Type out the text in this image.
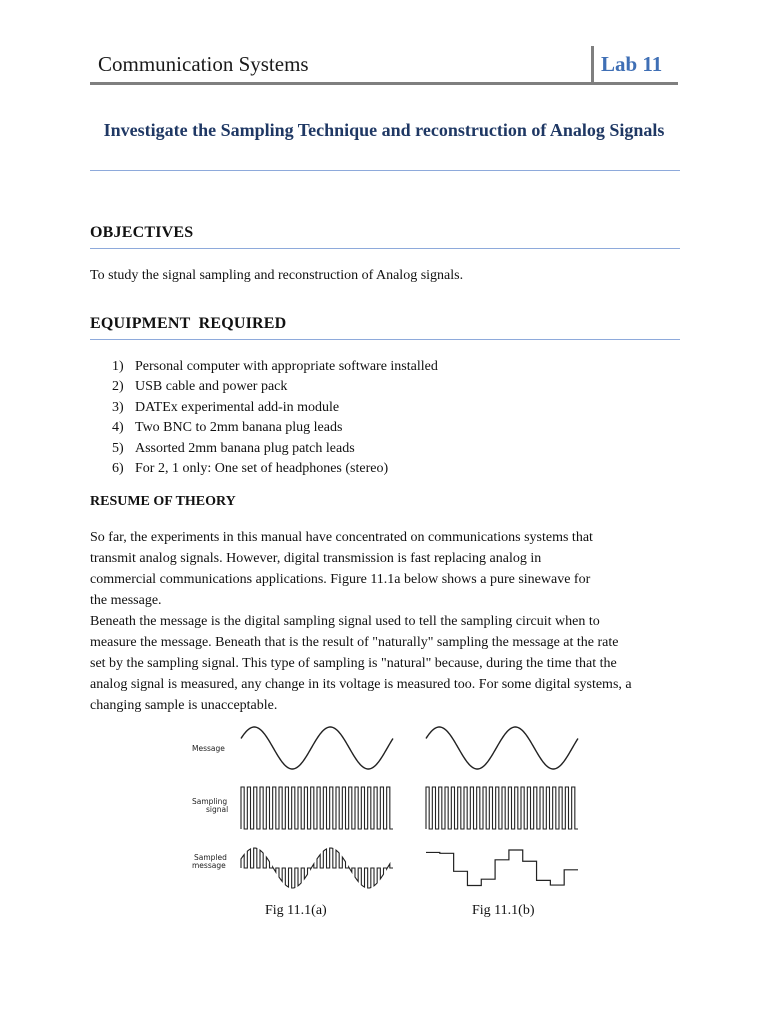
Communication Systems	Lab 11
Investigate the Sampling Technique and reconstruction of Analog Signals
OBJECTIVES
To study the signal sampling and reconstruction of Analog signals.
EQUIPMENT  REQUIRED
1) Personal computer with appropriate software installed
2) USB cable and power pack
3) DATEx experimental add-in module
4) Two BNC to 2mm banana plug leads
5) Assorted 2mm banana plug patch leads
6) For 2, 1 only: One set of headphones (stereo)
RESUME OF THEORY
So far, the experiments in this manual have concentrated on communications systems that
transmit analog signals. However, digital transmission is fast replacing analog in
commercial communications applications. Figure 11.1a below shows a pure sinewave for
the message.
Beneath the message is the digital sampling signal used to tell the sampling circuit when to
measure the message. Beneath that is the result of "naturally" sampling the message at the rate
set by the sampling signal. This type of sampling is "natural" because, during the time that the
analog signal is measured, any change in its voltage is measured too. For some digital systems, a
changing sample is unacceptable.
Message
Sampling
signal
Sampled
message
Fig 11.1(a)	Fig 11.1(b)
